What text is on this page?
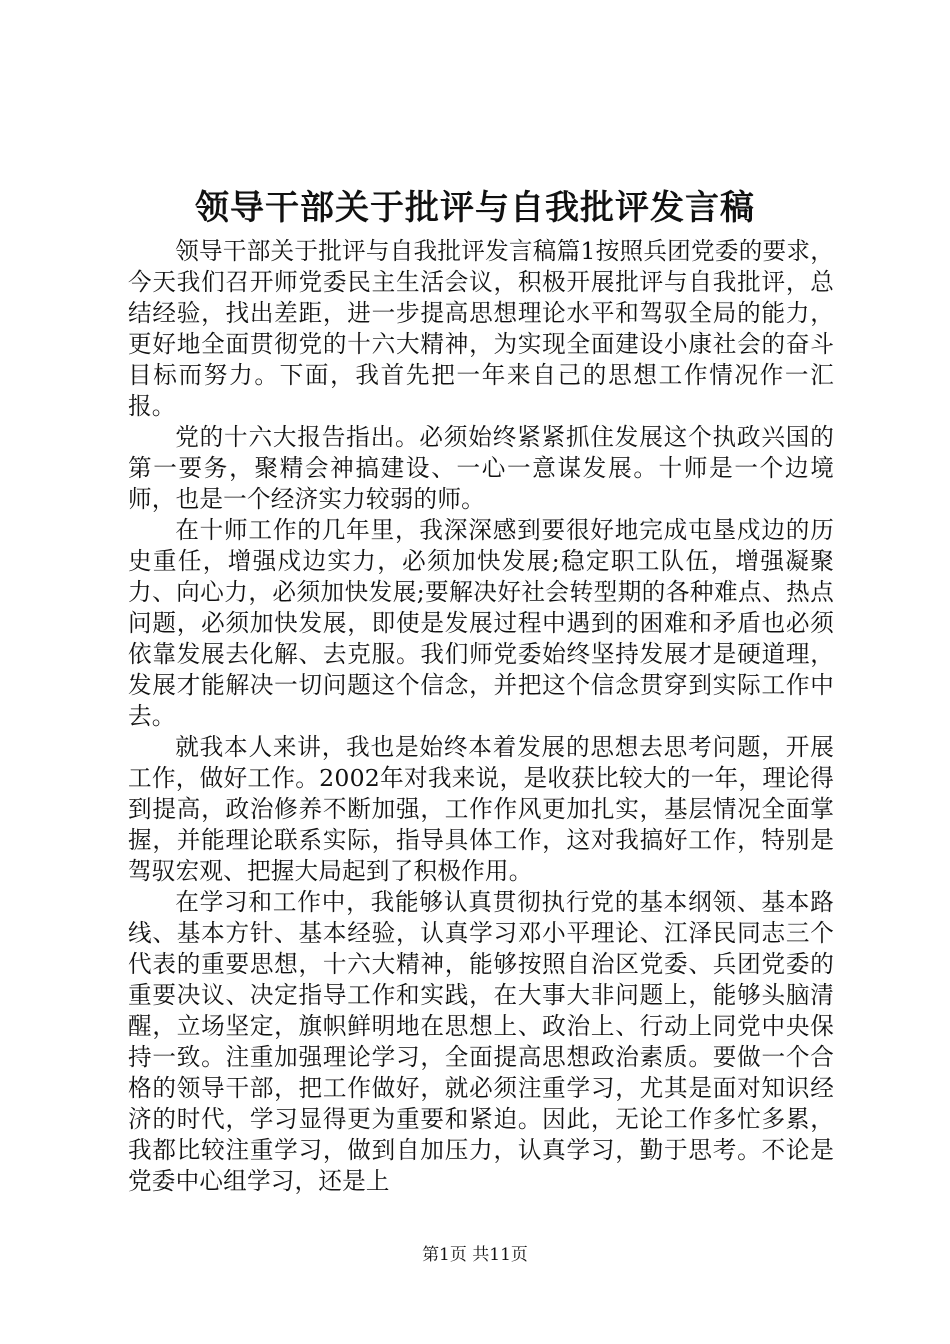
领导干部关于批评与自我批评发言稿

领导干部关于批评与自我批评发言稿篇1按照兵团党委的要求，今天我们召开师党委民主生活会议，积极开展批评与自我批评，总结经验，找出差距，进一步提高思想理论水平和驾驭全局的能力，更好地全面贯彻党的十六大精神，为实现全面建设小康社会的奋斗目标而努力。下面，我首先把一年来自己的思想工作情况作一汇报。

党的十六大报告指出。必须始终紧紧抓住发展这个执政兴国的第一要务，聚精会神搞建设、一心一意谋发展。十师是一个边境师，也是一个经济实力较弱的师。

在十师工作的几年里，我深深感到要很好地完成屯垦戍边的历史重任，增强戍边实力，必须加快发展;稳定职工队伍，增强凝聚力、向心力，必须加快发展;要解决好社会转型期的各种难点、热点问题，必须加快发展，即使是发展过程中遇到的困难和矛盾也必须依靠发展去化解、去克服。我们师党委始终坚持发展才是硬道理，发展才能解决一切问题这个信念，并把这个信念贯穿到实际工作中去。

就我本人来讲，我也是始终本着发展的思想去思考问题，开展工作，做好工作。2002年对我来说，是收获比较大的一年，理论得到提高，政治修养不断加强，工作作风更加扎实，基层情况全面掌握，并能理论联系实际，指导具体工作，这对我搞好工作，特别是驾驭宏观、把握大局起到了积极作用。

在学习和工作中，我能够认真贯彻执行党的基本纲领、基本路线、基本方针、基本经验，认真学习邓小平理论、江泽民同志三个代表的重要思想，十六大精神，能够按照自治区党委、兵团党委的重要决议、决定指导工作和实践，在大事大非问题上，能够头脑清醒，立场坚定，旗帜鲜明地在思想上、政治上、行动上同党中央保持一致。注重加强理论学习，全面提高思想政治素质。要做一个合格的领导干部，把工作做好，就必须注重学习，尤其是面对知识经济的时代，学习显得更为重要和紧迫。因此，无论工作多忙多累，我都比较注重学习，做到自加压力，认真学习，勤于思考。不论是党委中心组学习，还是上

第1页 共11页
